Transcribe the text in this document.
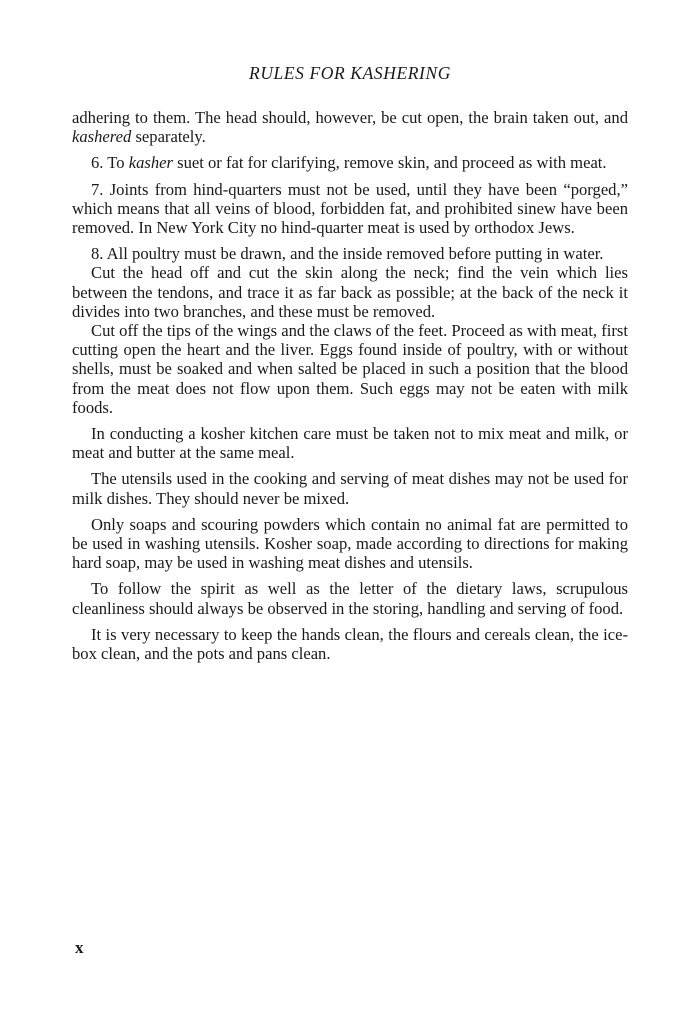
RULES FOR KASHERING

adhering to them. The head should, however, be cut open, the brain taken out, and kashered separately.

6. To kasher suet or fat for clarifying, remove skin, and proceed as with meat.

7. Joints from hind-quarters must not be used, until they have been “porged,” which means that all veins of blood, forbidden fat, and prohibited sinew have been removed. In New York City no hind-quarter meat is used by orthodox Jews.

8. All poultry must be drawn, and the inside removed before putting in water.

Cut the head off and cut the skin along the neck; find the vein which lies between the tendons, and trace it as far back as possible; at the back of the neck it divides into two branches, and these must be removed.

Cut off the tips of the wings and the claws of the feet. Proceed as with meat, first cutting open the heart and the liver. Eggs found inside of poultry, with or without shells, must be soaked and when salted be placed in such a position that the blood from the meat does not flow upon them. Such eggs may not be eaten with milk foods.

In conducting a kosher kitchen care must be taken not to mix meat and milk, or meat and butter at the same meal.

The utensils used in the cooking and serving of meat dishes may not be used for milk dishes. They should never be mixed.

Only soaps and scouring powders which contain no animal fat are permitted to be used in washing utensils. Kosher soap, made according to directions for making hard soap, may be used in washing meat dishes and utensils.

To follow the spirit as well as the letter of the dietary laws, scrupulous cleanliness should always be observed in the storing, handling and serving of food.

It is very necessary to keep the hands clean, the flours and cereals clean, the ice-box clean, and the pots and pans clean.

x
